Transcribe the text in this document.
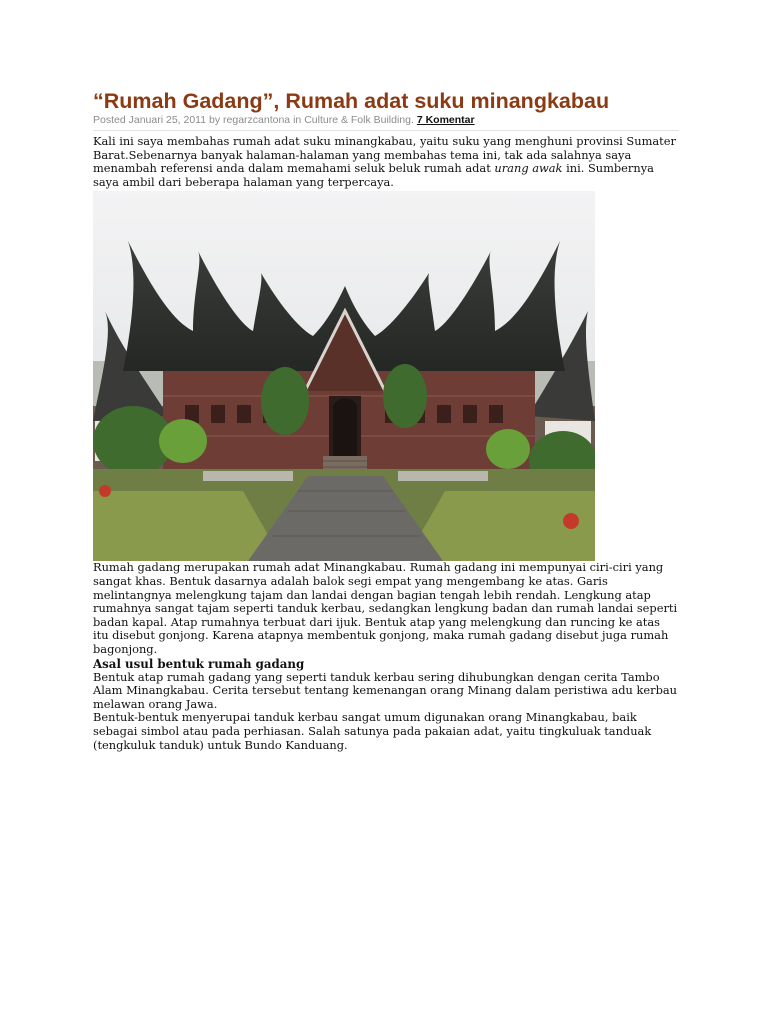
“Rumah Gadang”, Rumah adat suku minangkabau
Posted Januari 25, 2011 by regarzcantona in Culture & Folk Building. 7 Komentar

Kali ini saya membahas rumah adat suku minangkabau, yaitu suku yang menghuni provinsi Sumater Barat.Sebenarnya banyak halaman-halaman yang membahas tema ini, tak ada salahnya saya menambah referensi anda dalam memahami seluk beluk rumah adat urang awak ini. Sumbernya saya ambil dari beberapa halaman yang terpercaya.

Rumah gadang merupakan rumah adat Minangkabau. Rumah gadang ini mempunyai ciri-ciri yang sangat khas. Bentuk dasarnya adalah balok segi empat yang mengembang ke atas. Garis melintangnya melengkung tajam dan landai dengan bagian tengah lebih rendah. Lengkung atap rumahnya sangat tajam seperti tanduk kerbau, sedangkan lengkung badan dan rumah landai seperti badan kapal. Atap rumahnya terbuat dari ijuk. Bentuk atap yang melengkung dan runcing ke atas itu disebut gonjong. Karena atapnya membentuk gonjong, maka rumah gadang disebut juga rumah bagonjong.

Asal usul bentuk rumah gadang

Bentuk atap rumah gadang yang seperti tanduk kerbau sering dihubungkan dengan cerita Tambo Alam Minangkabau. Cerita tersebut tentang kemenangan orang Minang dalam peristiwa adu kerbau melawan orang Jawa.

Bentuk-bentuk menyerupai tanduk kerbau sangat umum digunakan orang Minangkabau, baik sebagai simbol atau pada perhiasan. Salah satunya pada pakaian adat, yaitu tingkuluak tanduak (tengkuluk tanduk) untuk Bundo Kanduang.
